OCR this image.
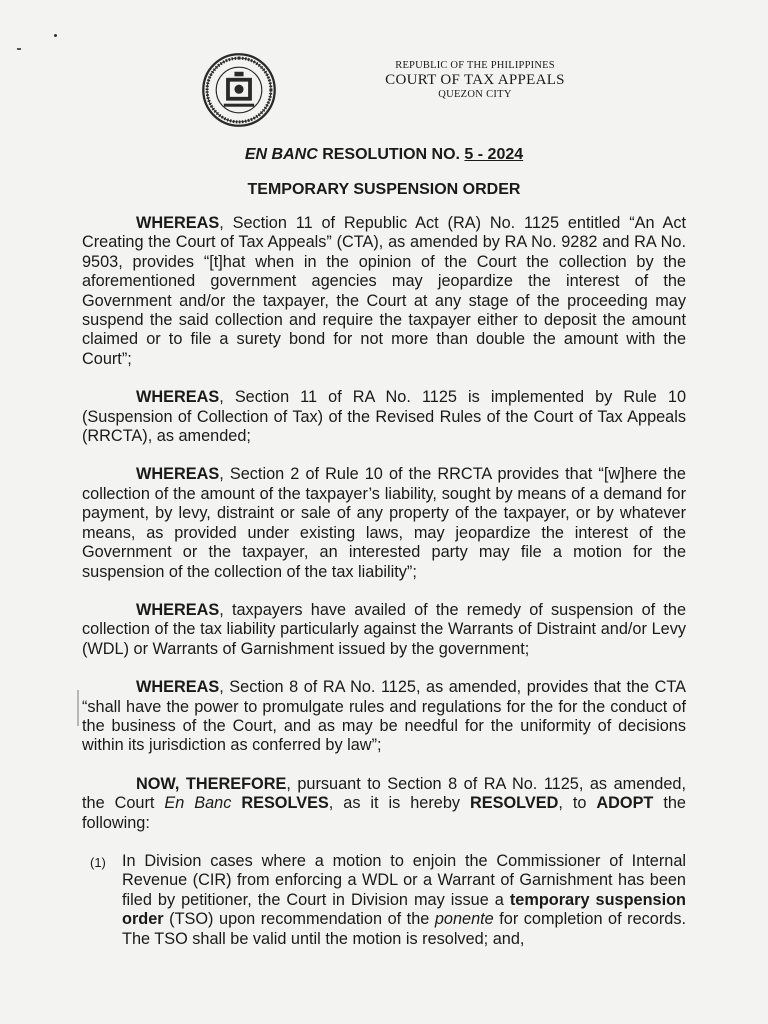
REPUBLIC OF THE PHILIPPINES
COURT OF TAX APPEALS
QUEZON CITY
EN BANC RESOLUTION NO. 5 - 2024
TEMPORARY SUSPENSION ORDER

WHEREAS, Section 11 of Republic Act (RA) No. 1125 entitled “An Act Creating the Court of Tax Appeals” (CTA), as amended by RA No. 9282 and RA No. 9503, provides “[t]hat when in the opinion of the Court the collection by the aforementioned government agencies may jeopardize the interest of the Government and/or the taxpayer, the Court at any stage of the proceeding may suspend the said collection and require the taxpayer either to deposit the amount claimed or to file a surety bond for not more than double the amount with the Court”;

WHEREAS, Section 11 of RA No. 1125 is implemented by Rule 10 (Suspension of Collection of Tax) of the Revised Rules of the Court of Tax Appeals (RRCTA), as amended;

WHEREAS, Section 2 of Rule 10 of the RRCTA provides that “[w]here the collection of the amount of the taxpayer’s liability, sought by means of a demand for payment, by levy, distraint or sale of any property of the taxpayer, or by whatever means, as provided under existing laws, may jeopardize the interest of the Government or the taxpayer, an interested party may file a motion for the suspension of the collection of the tax liability”;

WHEREAS, taxpayers have availed of the remedy of suspension of the collection of the tax liability particularly against the Warrants of Distraint and/or Levy (WDL) or Warrants of Garnishment issued by the government;

WHEREAS, Section 8 of RA No. 1125, as amended, provides that the CTA “shall have the power to promulgate rules and regulations for the for the conduct of the business of the Court, and as may be needful for the uniformity of decisions within its jurisdiction as conferred by law”;

NOW, THEREFORE, pursuant to Section 8 of RA No. 1125, as amended, the Court En Banc RESOLVES, as it is hereby RESOLVED, to ADOPT the following:

(1) In Division cases where a motion to enjoin the Commissioner of Internal Revenue (CIR) from enforcing a WDL or a Warrant of Garnishment has been filed by petitioner, the Court in Division may issue a temporary suspension order (TSO) upon recommendation of the ponente for completion of records. The TSO shall be valid until the motion is resolved; and,
